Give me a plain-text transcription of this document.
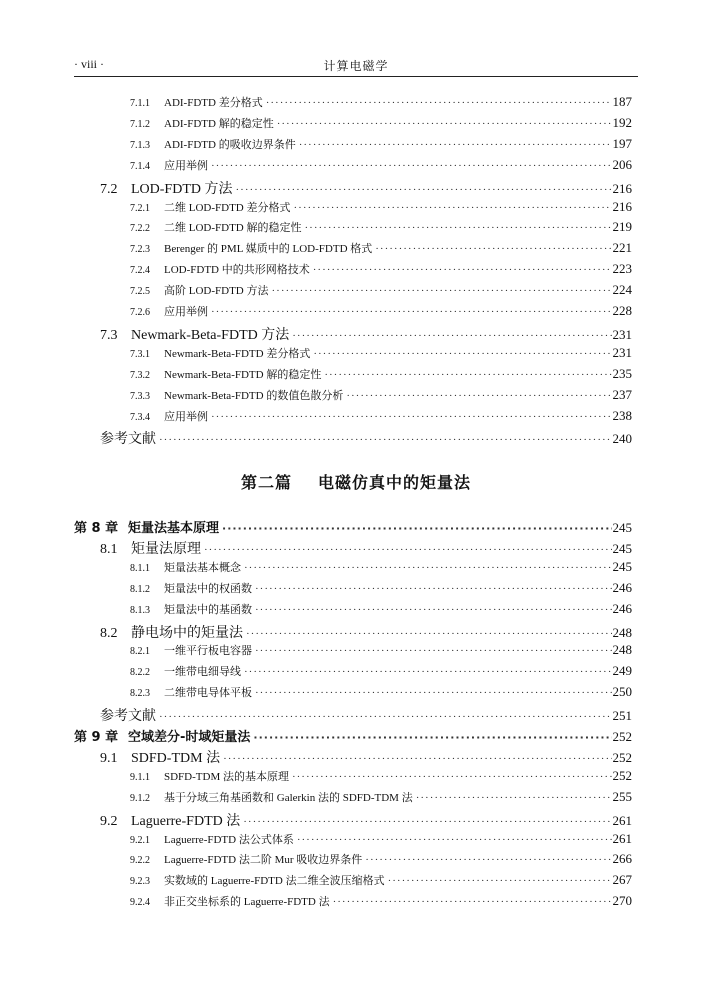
· viii ·	计算电磁学
7.1.1 ADI-FDTD 差分格式 ·····	187
7.1.2 ADI-FDTD 解的稳定性 ·····	192
7.1.3 ADI-FDTD 的吸收边界条件 ·····	197
7.1.4 应用举例 ·····	206
7.2 LOD-FDTD 方法 ·····	216
7.2.1 二维 LOD-FDTD 差分格式 ·····	216
7.2.2 二维 LOD-FDTD 解的稳定性 ·····	219
7.2.3 Berenger 的 PML 媒质中的 LOD-FDTD 格式 ·····	221
7.2.4 LOD-FDTD 中的共形网格技术 ·····	223
7.2.5 高阶 LOD-FDTD 方法 ·····	224
7.2.6 应用举例 ·····	228
7.3 Newmark-Beta-FDTD 方法 ·····	231
7.3.1 Newmark-Beta-FDTD 差分格式 ·····	231
7.3.2 Newmark-Beta-FDTD 解的稳定性 ·····	235
7.3.3 Newmark-Beta-FDTD 的数值色散分析 ·····	237
7.3.4 应用举例 ·····	238
参考文献 ·····	240
第二篇 电磁仿真中的矩量法
第 8 章 矩量法基本原理 ·····	245
8.1 矩量法原理 ·····	245
8.1.1 矩量法基本概念 ·····	245
8.1.2 矩量法中的权函数 ·····	246
8.1.3 矩量法中的基函数 ·····	246
8.2 静电场中的矩量法 ·····	248
8.2.1 一维平行板电容器 ·····	248
8.2.2 一维带电细导线 ·····	249
8.2.3 二维带电导体平板 ·····	250
参考文献 ·····	251
第 9 章 空域差分-时域矩量法 ·····	252
9.1 SDFD-TDM 法 ·····	252
9.1.1 SDFD-TDM 法的基本原理 ·····	252
9.1.2 基于分域三角基函数和 Galerkin 法的 SDFD-TDM 法 ·····	255
9.2 Laguerre-FDTD 法 ·····	261
9.2.1 Laguerre-FDTD 法公式体系 ·····	261
9.2.2 Laguerre-FDTD 法二阶 Mur 吸收边界条件 ·····	266
9.2.3 实数域的 Laguerre-FDTD 法二维全波压缩格式 ·····	267
9.2.4 非正交坐标系的 Laguerre-FDTD 法 ·····	270
